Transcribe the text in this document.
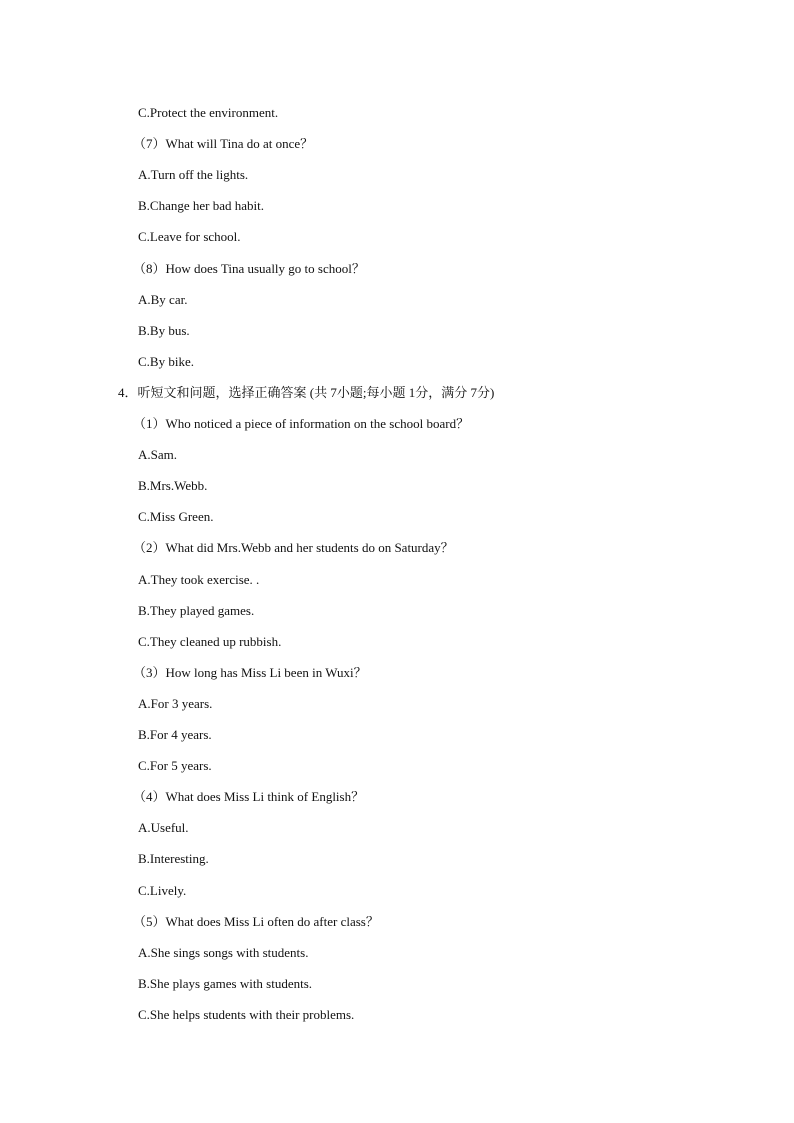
C.Protect the environment.
（7）What will Tina do at once？
A.Turn off the lights.
B.Change her bad habit.
C.Leave for school.
（8）How does Tina usually go to school？
A.By car.
B.By bus.
C.By bike.
4．听短文和问题，选择正确答案 (共 7小题;每小题 1分，满分 7分)
（1）Who noticed a piece of information on the school board？
A.Sam.
B.Mrs.Webb.
C.Miss Green.
（2）What did Mrs.Webb and her students do on Saturday？
A.They took exercise. .
B.They played games.
C.They cleaned up rubbish.
（3）How long has Miss Li been in Wuxi？
A.For 3 years.
B.For 4 years.
C.For 5 years.
（4）What does Miss Li think of English？
A.Useful.
B.Interesting.
C.Lively.
（5）What does Miss Li often do after class？
A.She sings songs with students.
B.She plays games with students.
C.She helps students with their problems.
